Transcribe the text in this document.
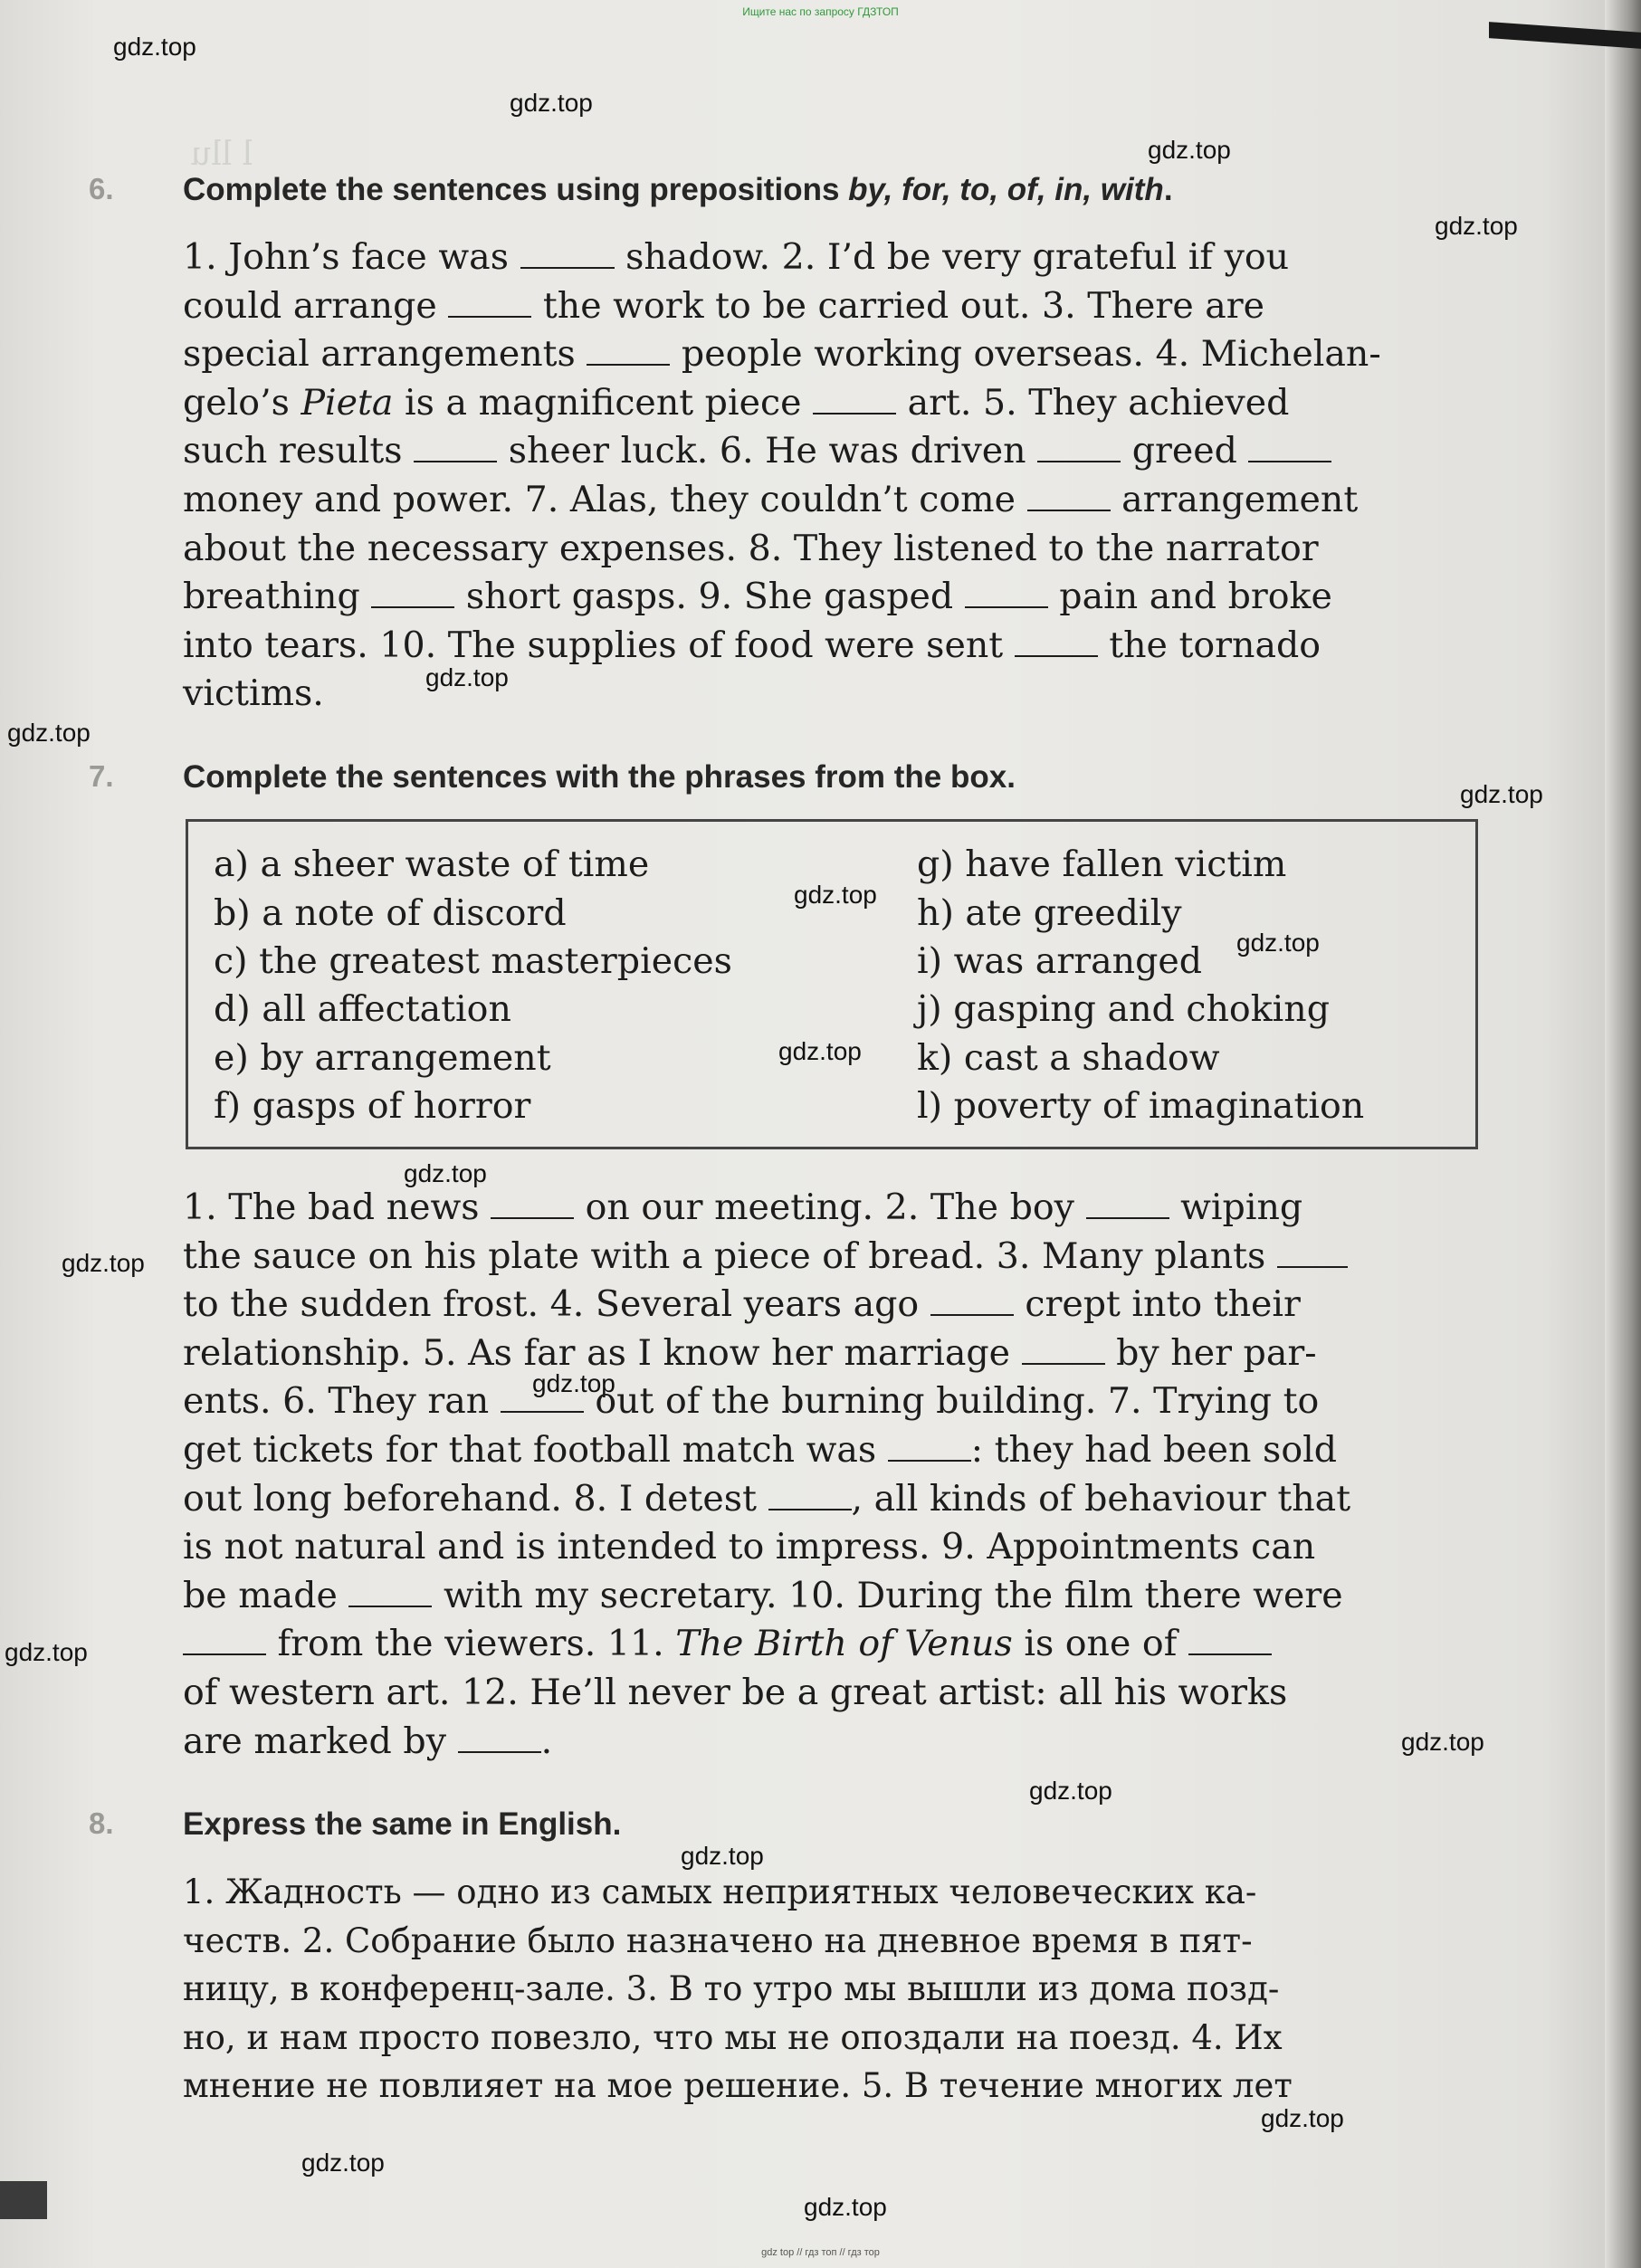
l llu
Ищите нас по запросу ГДЗТОП
gdz.top
gdz.top
gdz.top
gdz.top
gdz.top
gdz.top
gdz.top
gdz.top
gdz.top
gdz.top
gdz.top
gdz.top
gdz.top
gdz.top
gdz.top
gdz.top
gdz.top
gdz.top
gdz.top
gdz.top
6. Complete the sentences using prepositions by, for, to, of, in, with.
1. John’s face was	shadow. 2. I’d be very grateful if you
could arrange  the work to be carried out. 3. There are
special arrangements  people working overseas. 4. Michelan-
gelo’s Pieta is a magnificent piece  art. 5. They achieved
such results  sheer luck. 6. He was driven  greed
money and power. 7. Alas, they couldn’t come  arrangement
about the necessary expenses. 8. They listened to the narrator
breathing  short gasps. 9. She gasped  pain and broke
into tears. 10. The supplies of food were sent  the tornado
victims.
7. Complete the sentences with the phrases from the box.
a) a sheer waste of time
b) a note of discord
c) the greatest masterpieces
d) all affectation
e) by arrangement
f) gasps of horror
g) have fallen victim
h) ate greedily
i) was arranged
j) gasping and choking
k) cast a shadow
l) poverty of imagination
1. The bad news  on our meeting. 2. The boy  wiping
the sauce on his plate with a piece of bread. 3. Many plants
to the sudden frost. 4. Several years ago  crept into their
relationship. 5. As far as I know her marriage  by her par-
ents. 6. They ran  out of the burning building. 7. Trying to
get tickets for that football match was : they had been sold
out long beforehand. 8. I detest , all kinds of behaviour that
is not natural and is intended to impress. 9. Appointments can
be made  with my secretary. 10. During the film there were
from the viewers. 11. The Birth of Venus is one of
of western art. 12. He’ll never be a great artist: all his works
are marked by .
8. Express the same in English.
1. Жадность — одно из самых неприятных человеческих ка-
честв. 2. Собрание было назначено на дневное время в пят-
ницу, в конференц-зале. 3. В то утро мы вышли из дома позд-
но, и нам просто повезло, что мы не опоздали на поезд. 4. Их
мнение не повлияет на мое решение. 5. В течение многих лет
gdz top // гдз топ // гдз тор
